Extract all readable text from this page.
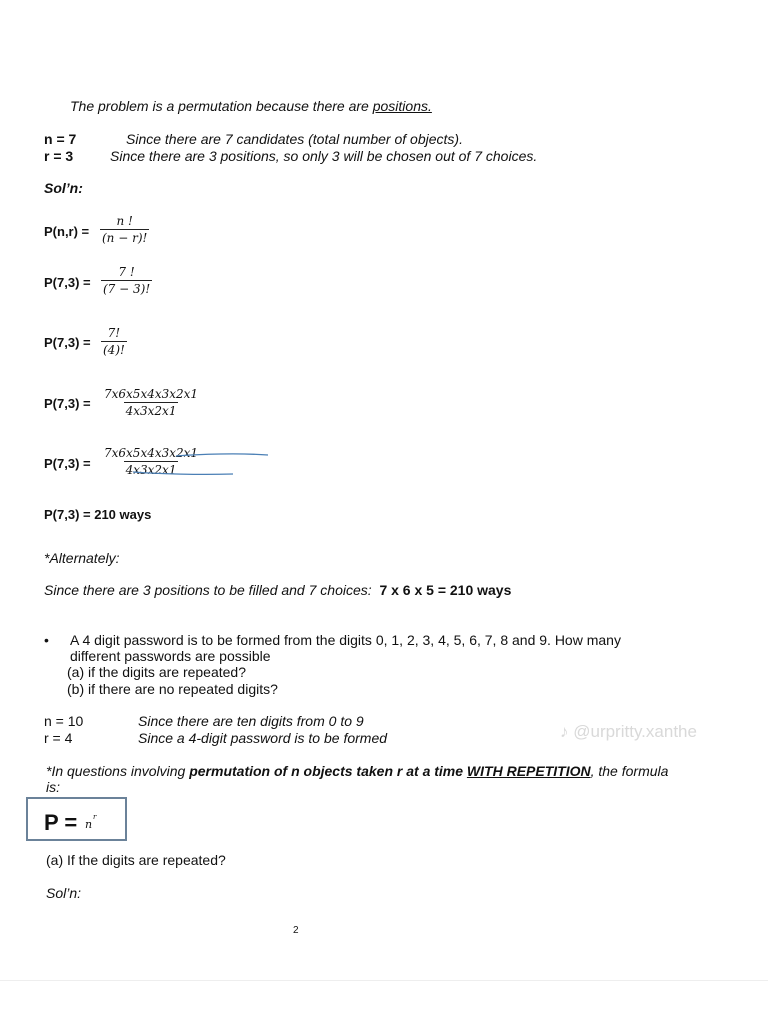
The problem is a permutation because there are positions.
n = 7	Since there are 7 candidates (total number of objects).
r = 3	Since there are 3 positions, so only 3 will be chosen out of 7 choices.
Sol’n:
$P(n,r) = \frac{n !}{(n - r)!}$
$P(7,3) = \frac{7 !}{(7 - 3)!}$
$P(7,3) = \frac{7!}{(4)!}$
$P(7,3) = \frac{7x6x5x4x3x2x1}{4x3x2x1}$
$P(7,3) = \frac{7x6x5x4x3x2x1}{4x3x2x1}$
P(7,3) = 210 ways
*Alternately:
Since there are 3 positions to be filled and 7 choices: 7 x 6 x 5 = 210 ways
• A 4 digit password is to be formed from the digits 0, 1, 2, 3, 4, 5, 6, 7, 8 and 9. How many
different passwords are possible
(a) if the digits are repeated?
(b) if there are no repeated digits?
n = 10	Since there are ten digits from 0 to 9
r = 4	Since a 4-digit password is to be formed	♪ @urpritty.xanthe
*In questions involving permutation of n objects taken r at a time WITH REPETITION, the formula
is:
P = n
r
(a) If the digits are repeated?
Sol’n:
2
